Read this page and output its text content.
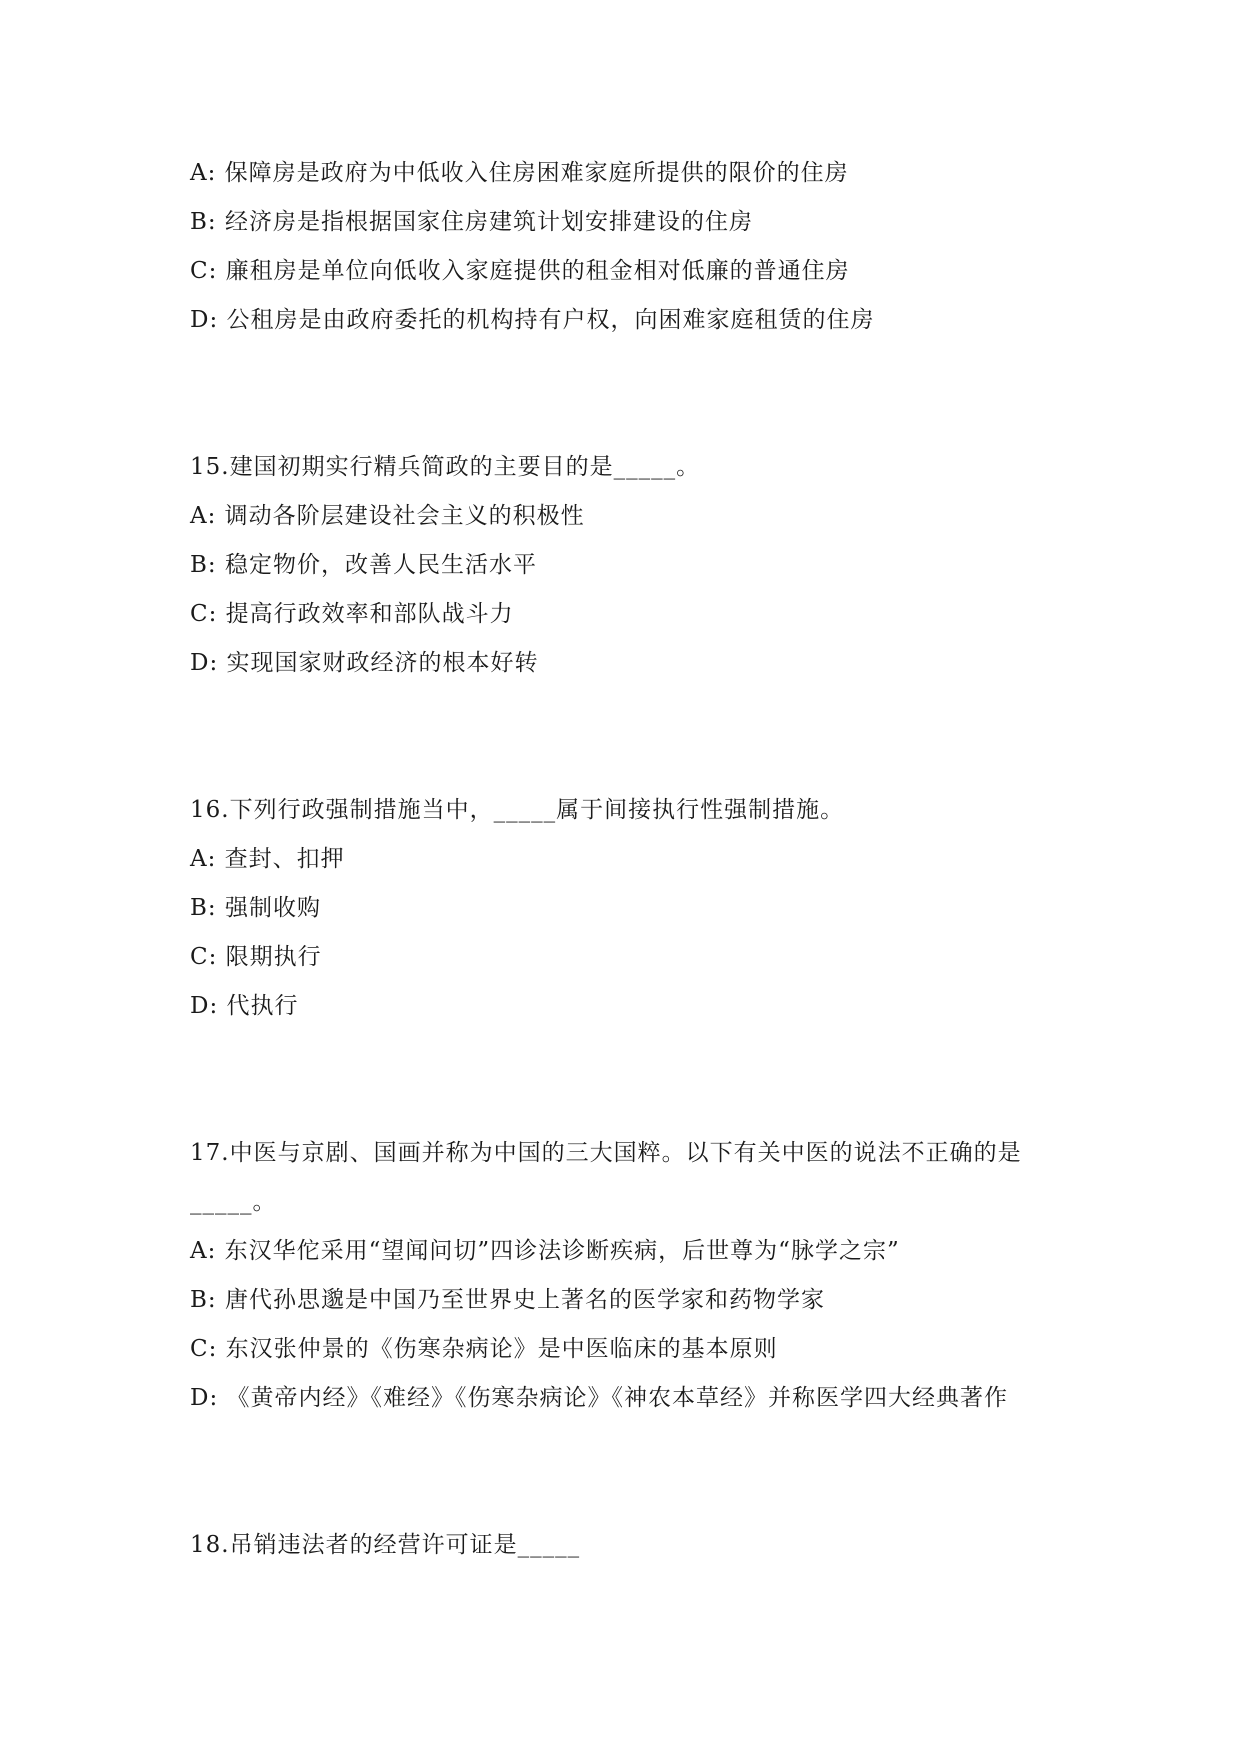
A: 保障房是政府为中低收入住房困难家庭所提供的限价的住房
B: 经济房是指根据国家住房建筑计划安排建设的住房
C: 廉租房是单位向低收入家庭提供的租金相对低廉的普通住房
D: 公租房是由政府委托的机构持有户权，向困难家庭租赁的住房
15.建国初期实行精兵简政的主要目的是_____。
A: 调动各阶层建设社会主义的积极性
B: 稳定物价，改善人民生活水平
C: 提高行政效率和部队战斗力
D: 实现国家财政经济的根本好转
16.下列行政强制措施当中，_____属于间接执行性强制措施。
A: 查封、扣押
B: 强制收购
C: 限期执行
D: 代执行
17.中医与京剧、国画并称为中国的三大国粹。以下有关中医的说法不正确的是
_____。
A: 东汉华佗采用“望闻问切”四诊法诊断疾病，后世尊为“脉学之宗”
B: 唐代孙思邈是中国乃至世界史上著名的医学家和药物学家
C: 东汉张仲景的《伤寒杂病论》是中医临床的基本原则
D: 《黄帝内经》《难经》《伤寒杂病论》《神农本草经》并称医学四大经典著作
18.吊销违法者的经营许可证是_____
